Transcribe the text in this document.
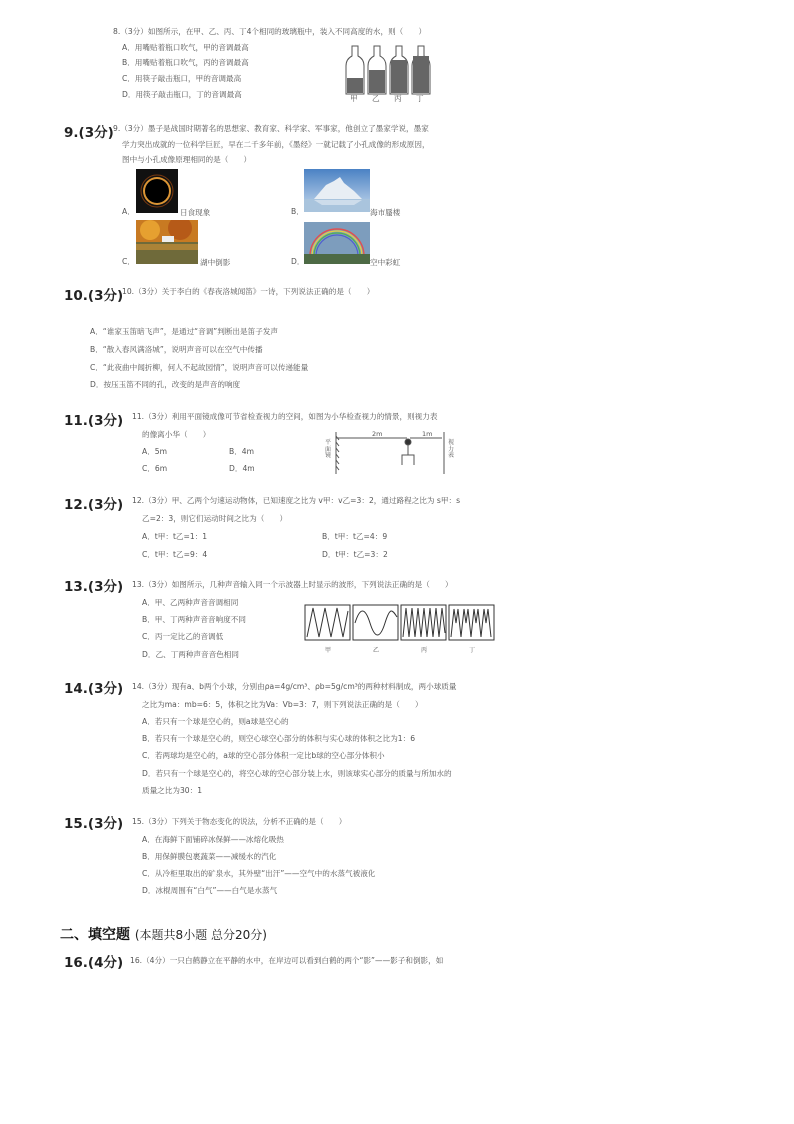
8.（3分）如图所示，在甲、乙、丙、丁4个相同的玻璃瓶中，装入不同高度的水，则（　　）
A．用嘴贴着瓶口吹气，甲的音调最高
B．用嘴贴着瓶口吹气，丙的音调最高
C．用筷子敲击瓶口，甲的音调最高
D．用筷子敲击瓶口，丁的音调最高	甲 乙 丙 丁
9.(3分) 9.（3分）墨子是战国时期著名的思想家、教育家、科学家、军事家，他创立了墨家学说，墨家
学力突出成就的一位科学巨匠，早在二千多年前，《墨经》一就记载了小孔成像的形成原因，
图中与小孔成像原理相同的是（　　）
A．	日食现象	B．	海市蜃楼
C．	湖中倒影	D．	空中彩虹
10.(3分)
10.（3分）关于李白的《春夜洛城闻笛》一诗，下列说法正确的是（　　）
A．“谁家玉笛暗飞声”，是通过“音调”判断出是笛子发声
B．“散入春风满洛城”，说明声音可以在空气中传播
C．“此夜曲中闻折柳，何人不起故园情”，说明声音可以传递能量
D．按压玉笛不同的孔，改变的是声音的响度
11.(3分) 11.（3分）利用平面镜成像可节省检查视力的空间，如图为小华检查视力的情景，则视力表
的像离小华（　　）
A．5m	B．4m
C．6m	D．4m
2m	1m
平面镜
视力表
12.(3分) 12.（3分）甲、乙两个匀速运动物体，已知速度之比为 v甲：v乙=3：2，通过路程之比为 s甲：s
乙=2：3，则它们运动时间之比为（　　）
A．t甲：t乙=1：1	B．t甲：t乙=4：9
C．t甲：t乙=9：4	D．t甲：t乙=3：2
13.(3分) 13.（3分）如图所示，几种声音输入同一个示波器上时显示的波形，下列说法正确的是（　　）
A．甲、乙两种声音音调相同
B．甲、丁两种声音音响度不同
C．丙一定比乙的音调低
D．乙、丁两种声音音色相同	甲	乙	丙	丁
14.(3分) 14.（3分）现有a、b两个小球，分别由ρa=4g/cm³、ρb=5g/cm³的两种材料制成，两小球质量
之比为ma：mb=6：5，体积之比为Va：Vb=3：7，则下列说法正确的是（　　）
A．若只有一个球是空心的，则a球是空心的
B．若只有一个球是空心的，则空心球空心部分的体积与实心球的体积之比为1：6
C．若两球均是空心的，a球的空心部分体积一定比b球的空心部分体积小
D．若只有一个球是空心的，将空心球的空心部分装上水，则该球实心部分的质量与所加水的
质量之比为30：1
15.(3分) 15.（3分）下列关于物态变化的说法，分析不正确的是（　　）
A．在海鲜下面铺碎冰保鲜——冰熔化吸热
B．用保鲜膜包裹蔬菜——减缓水的汽化
C．从冷柜里取出的矿泉水，其外壁“出汗”——空气中的水蒸气被液化
D．冰棍周围有“白气”——白气是水蒸气
二、填空题 (本题共8小题 总分20分)
16.(4分) 16.（4分）一只白鹤静立在平静的水中，在岸边可以看到白鹤的两个“影”——影子和倒影，如
